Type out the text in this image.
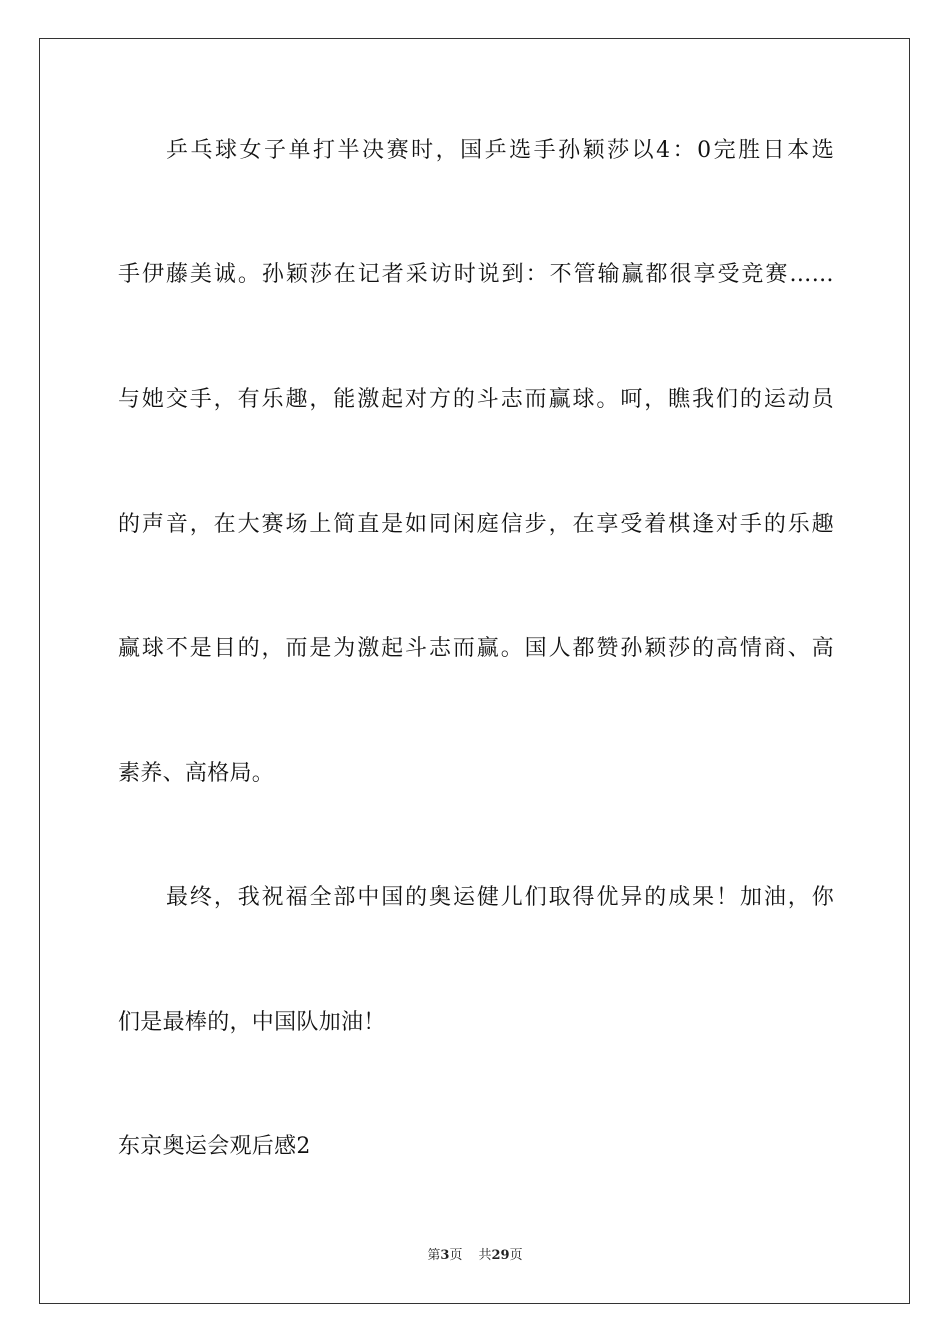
乒乓球女子单打半决赛时，国乒选手孙颖莎以4：0完胜日本选
手伊藤美诚。孙颖莎在记者采访时说到：不管输赢都很享受竞赛……
与她交手，有乐趣，能激起对方的斗志而赢球。呵，瞧我们的运动员
的声音，在大赛场上简直是如同闲庭信步，在享受着棋逢对手的乐趣
赢球不是目的，而是为激起斗志而赢。国人都赞孙颖莎的高情商、高
素养、高格局。
最终，我祝福全部中国的奥运健儿们取得优异的成果！加油，你
们是最棒的，中国队加油！
东京奥运会观后感2
第3页 共29页
